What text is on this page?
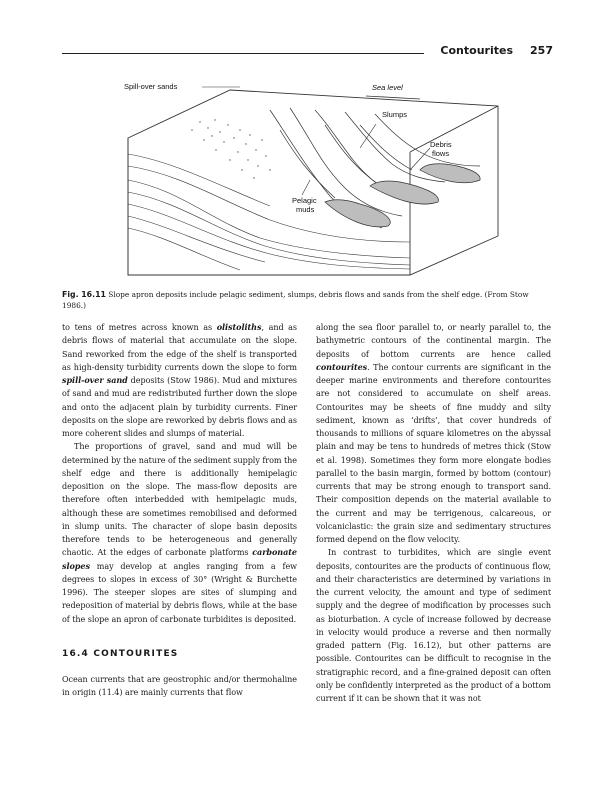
Contourites 257
Spill-over sands	Sea level
Slumps
Debris
flows
Pelagic
muds
Fig. 16.11 Slope apron deposits include pelagic sediment, slumps, debris flows and sands from the shelf edge. (From Stow 1986.)

to tens of metres across known as olistoliths, and as debris flows of material that accumulate on the slope. Sand reworked from the edge of the shelf is transported as high-density turbidity currents down the slope to form spill-over sand deposits (Stow 1986). Mud and mixtures of sand and mud are redistributed further down the slope and onto the adjacent plain by turbidity currents. Finer deposits on the slope are reworked by debris flows and as more coherent slides and slumps of material.

The proportions of gravel, sand and mud will be determined by the nature of the sediment supply from the shelf edge and there is additionally hemipelagic deposition on the slope. The mass-flow deposits are therefore often interbedded with hemipelagic muds, although these are sometimes remobilised and deformed in slump units. The character of slope basin deposits therefore tends to be heterogeneous and generally chaotic. At the edges of carbonate platforms carbonate slopes may develop at angles ranging from a few degrees to slopes in excess of 30° (Wright & Burchette 1996). The steeper slopes are sites of slumping and redeposition of material by debris flows, while at the base of the slope an apron of carbonate turbidites is deposited.

16.4 CONTOURITES

Ocean currents that are geostrophic and/or thermohaline in origin (11.4) are mainly currents that flow

along the sea floor parallel to, or nearly parallel to, the bathymetric contours of the continental margin. The deposits of bottom currents are hence called contourites. The contour currents are significant in the deeper marine environments and therefore contourites are not considered to accumulate on shelf areas. Contourites may be sheets of fine muddy and silty sediment, known as ‘drifts’, that cover hundreds of thousands to millions of square kilometres on the abyssal plain and may be tens to hundreds of metres thick (Stow et al. 1998). Sometimes they form more elongate bodies parallel to the basin margin, formed by bottom (contour) currents that may be strong enough to transport sand. Their composition depends on the material available to the current and may be terrigenous, calcareous, or volcaniclastic: the grain size and sedimentary structures formed depend on the flow velocity.

In contrast to turbidites, which are single event deposits, contourites are the products of continuous flow, and their characteristics are determined by variations in the current velocity, the amount and type of sediment supply and the degree of modification by processes such as bioturbation. A cycle of increase followed by decrease in velocity would produce a reverse and then normally graded pattern (Fig. 16.12), but other patterns are possible. Contourites can be difficult to recognise in the stratigraphic record, and a fine-grained deposit can often only be confidently interpreted as the product of a bottom current if it can be shown that it was not
